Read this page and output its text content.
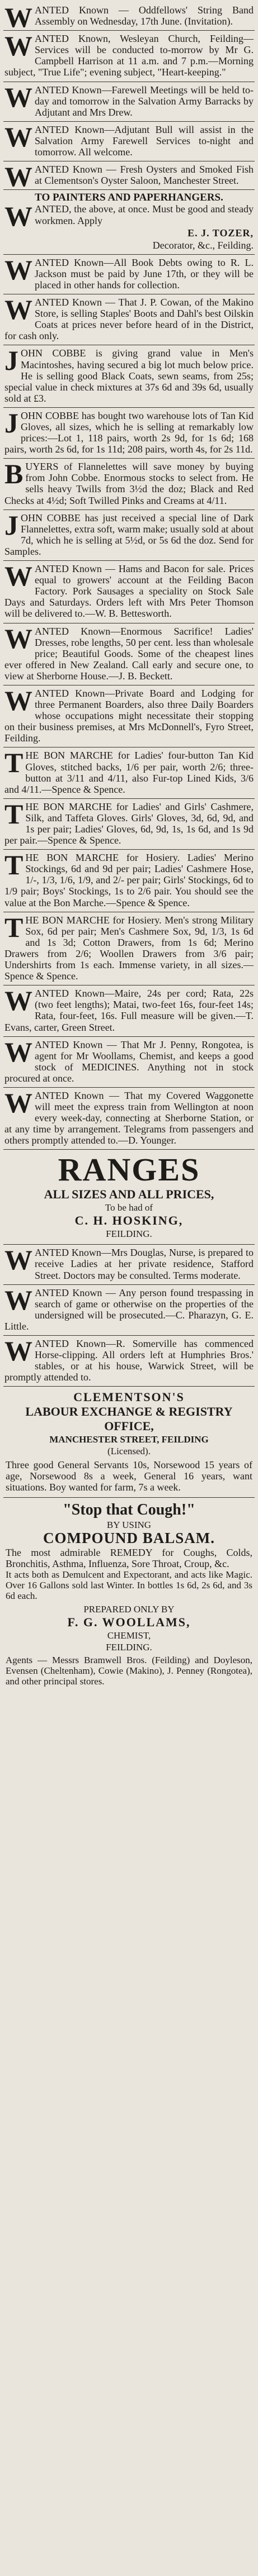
WANTED Known — Oddfellows' String Band Assembly on Wednesday, 17th June. (Invitation).

WANTED Known, Wesleyan Church, Feilding—Services will be conducted to-morrow by Mr G. Campbell Harrison at 11 a.m. and 7 p.m.—Morning subject, "True Life"; evening subject, "Heart-keeping."

WANTED Known—Farewell Meetings will be held to-day and tomorrow in the Salvation Army Barracks by Adjutant and Mrs Drew.

WANTED Known—Adjutant Bull will assist in the Salvation Army Farewell Services to-night and tomorrow. All welcome.

WANTED Known — Fresh Oysters and Smoked Fish at Clementson's Oyster Saloon, Manchester Street.

TO PAINTERS AND PAPERHANGERS.

WANTED, the above, at once. Must be good and steady workmen. Apply

E. J. TOZER,
Decorator, &c., Feilding.

WANTED Known—All Book Debts owing to R. L. Jackson must be paid by June 17th, or they will be placed in other hands for collection.

WANTED Known — That J. P. Cowan, of the Makino Store, is selling Staples' Boots and Dahl's best Oilskin Coats at prices never before heard of in the District, for cash only.

JOHN COBBE is giving grand value in Men's Macintoshes, having secured a big lot much below price. He is selling good Black Coats, sewn seams, from 25s; special value in check mixtures at 37s 6d and 39s 6d, usually sold at £3.

JOHN COBBE has bought two warehouse lots of Tan Kid Gloves, all sizes, which he is selling at remarkably low prices:—Lot 1, 118 pairs, worth 2s 9d, for 1s 6d; 168 pairs, worth 2s 6d, for 1s 11d; 208 pairs, worth 4s, for 2s 11d.

BUYERS of Flannelettes will save money by buying from John Cobbe. Enormous stocks to select from. He sells heavy Twills from 3½d the doz; Black and Red Checks at 4½d; Soft Twilled Pinks and Creams at 4/11.

JOHN COBBE has just received a special line of Dark Flannelettes, extra soft, warm make; usually sold at about 7d, which he is selling at 5½d, or 5s 6d the doz. Send for Samples.

WANTED Known — Hams and Bacon for sale. Prices equal to growers' account at the Feilding Bacon Factory. Pork Sausages a speciality on Stock Sale Days and Saturdays. Orders left with Mrs Peter Thomson will be delivered to.—W. B. Bettesworth.

WANTED Known—Enormous Sacrifice! Ladies' Dresses, robe lengths, 50 per cent. less than wholesale price; Beautiful Goods. Some of the cheapest lines ever offered in New Zealand. Call early and secure one, to view at Sherborne House.—J. B. Beckett.

WANTED Known—Private Board and Lodging for three Permanent Boarders, also three Daily Boarders whose occupations might necessitate their stopping on their business premises, at Mrs McDonnell's, Fyro Street, Feilding.

THE BON MARCHE for Ladies' four-button Tan Kid Gloves, stitched backs, 1/6 per pair, worth 2/6; three-button at 3/11 and 4/11, also Fur-top Lined Kids, 3/6 and 4/11.—Spence & Spence.

THE BON MARCHE for Ladies' and Girls' Cashmere, Silk, and Taffeta Gloves. Girls' Gloves, 3d, 6d, 9d, and 1s per pair; Ladies' Gloves, 6d, 9d, 1s, 1s 6d, and 1s 9d per pair.—Spence & Spence.

THE BON MARCHE for Hosiery. Ladies' Merino Stockings, 6d and 9d per pair; Ladies' Cashmere Hose, 1/-, 1/3, 1/6, 1/9, and 2/- per pair; Girls' Stockings, 6d to 1/9 pair; Boys' Stockings, 1s to 2/6 pair. You should see the value at the Bon Marche.—Spence & Spence.

THE BON MARCHE for Hosiery. Men's strong Military Sox, 6d per pair; Men's Cashmere Sox, 9d, 1/3, 1s 6d and 1s 3d; Cotton Drawers, from 1s 6d; Merino Drawers from 2/6; Woollen Drawers from 3/6 pair; Undershirts from 1s each. Immense variety, in all sizes.—Spence & Spence.

WANTED Known—Maire, 24s per cord; Rata, 22s (two feet lengths); Matai, two-feet 16s, four-feet 14s; Rata, four-feet, 16s. Full measure will be given.—T. Evans, carter, Green Street.

WANTED Known — That Mr J. Penny, Rongotea, is agent for Mr Woollams, Chemist, and keeps a good stock of MEDICINES. Anything not in stock procured at once.

WANTED Known — That my Covered Waggonette will meet the express train from Wellington at noon every week-day, connecting at Sherborne Station, or at any time by arrangement. Telegrams from passengers and others promptly attended to.—D. Younger.

RANGES
ALL SIZES AND ALL PRICES,
To be had of
C. H. HOSKING,
FEILDING.

WANTED Known—Mrs Douglas, Nurse, is prepared to receive Ladies at her private residence, Stafford Street. Doctors may be consulted. Terms moderate.

WANTED Known — Any person found trespassing in search of game or otherwise on the properties of the undersigned will be prosecuted.—C. Pharazyn, G. E. Little.

WANTED Known—R. Somerville has commenced Horse-clipping. All orders left at Humphries Bros.' stables, or at his house, Warwick Street, will be promptly attended to.

CLEMENTSON'S
LABOUR EXCHANGE & REGISTRY OFFICE,
MANCHESTER STREET, FEILDING
(Licensed).
Three good General Servants 10s, Norsewood 15 years of age, Norsewood 8s a week, General 16 years, want situations. Boy wanted for farm, 7s a week.
"Stop that Cough!"
BY USING
COMPOUND BALSAM.
The most admirable REMEDY for Coughs, Colds, Bronchitis, Asthma, Influenza, Sore Throat, Croup, &c.
It acts both as Demulcent and Expectorant, and acts like Magic. Over 16 Gallons sold last Winter. In bottles 1s 6d, 2s 6d, and 3s 6d each.
PREPARED ONLY BY
F. G. WOOLLAMS,
CHEMIST,
FEILDING.
Agents — Messrs Bramwell Bros. (Feilding) and Doyleson, Evensen (Cheltenham), Cowie (Makino), J. Penney (Rongotea), and other principal stores.
